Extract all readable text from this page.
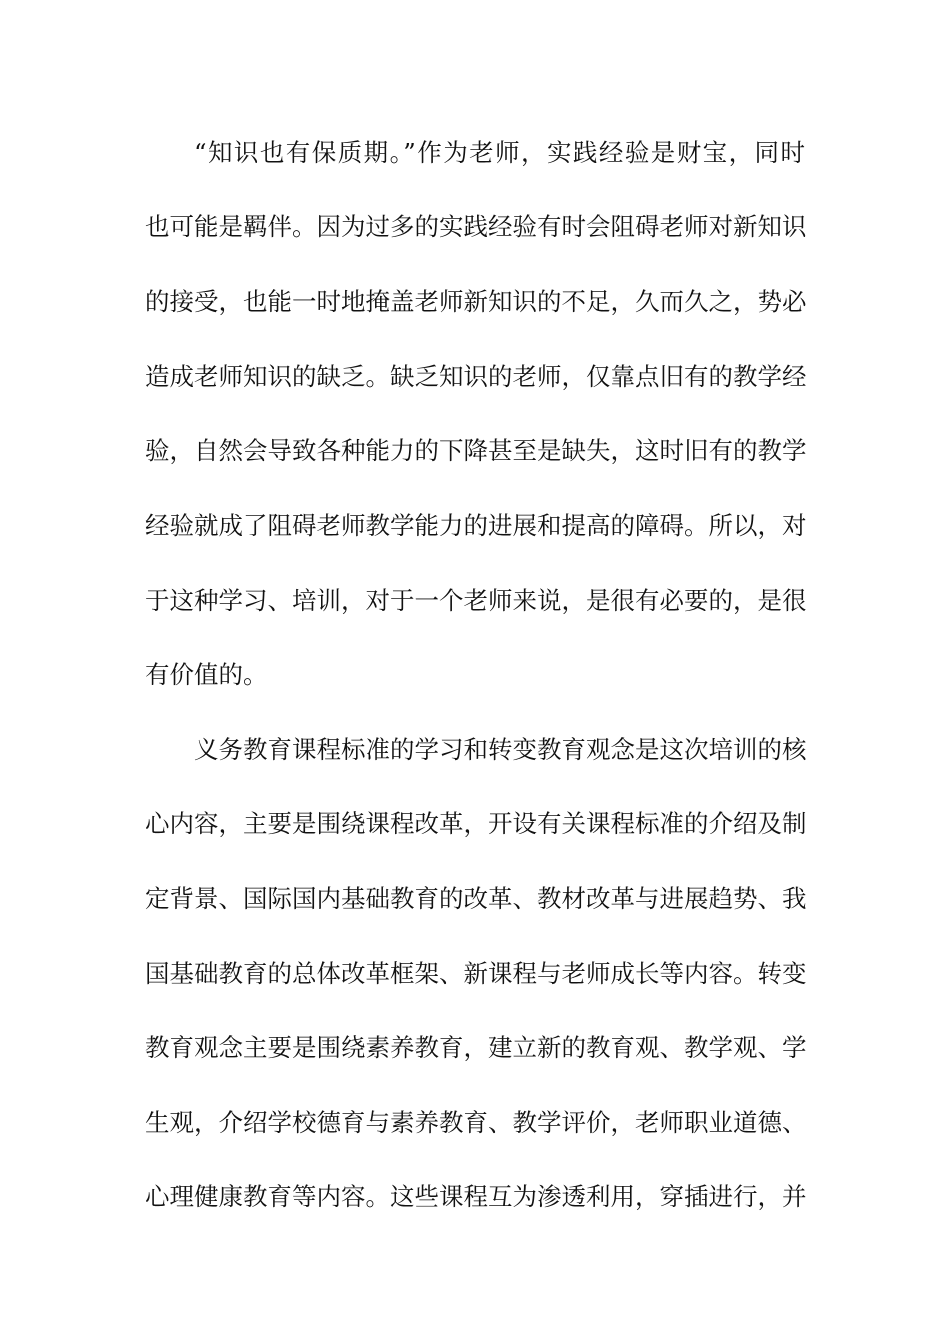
“知识也有保质期。”作为老师，实践经验是财宝，同时
也可能是羁伴。因为过多的实践经验有时会阻碍老师对新知识
的接受，也能一时地掩盖老师新知识的不足，久而久之，势必
造成老师知识的缺乏。缺乏知识的老师，仅靠点旧有的教学经
验，自然会导致各种能力的下降甚至是缺失，这时旧有的教学
经验就成了阻碍老师教学能力的进展和提高的障碍。所以，对
于这种学习、培训，对于一个老师来说，是很有必要的，是很
有价值的。
义务教育课程标准的学习和转变教育观念是这次培训的核
心内容，主要是围绕课程改革，开设有关课程标准的介绍及制
定背景、国际国内基础教育的改革、教材改革与进展趋势、我
国基础教育的总体改革框架、新课程与老师成长等内容。转变
教育观念主要是围绕素养教育，建立新的教育观、教学观、学
生观，介绍学校德育与素养教育、教学评价，老师职业道德、
心理健康教育等内容。这些课程互为渗透利用，穿插进行，并
